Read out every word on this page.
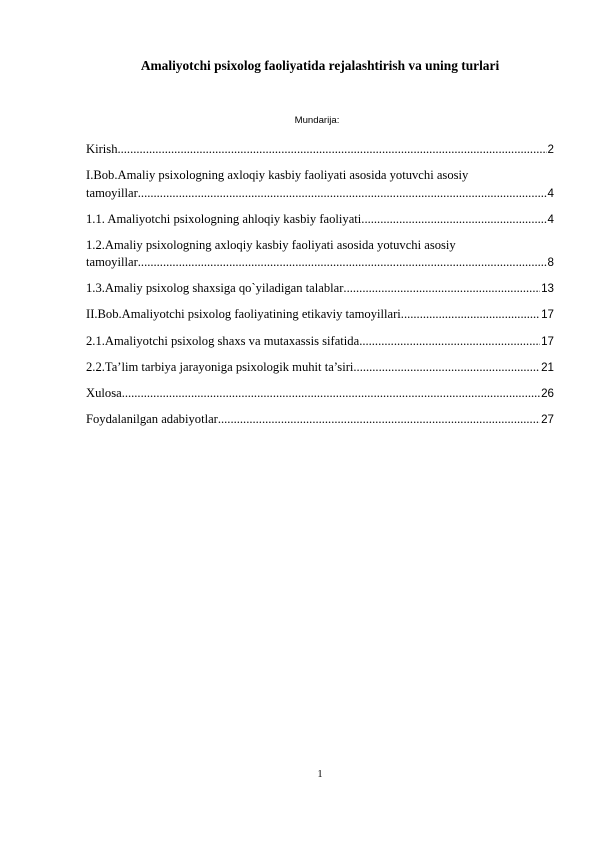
Amaliyotchi psixolog faoliyatida rejalashtirish va uning turlari
Mundarija:
Kirish .....	2
I.Bob.Amaliy psixologning axloqiy kasbiy faoliyati asosida yotuvchi asosiy
tamoyillar .....	4
1.1. Amaliyotchi psixologning ahloqiy kasbiy faoliyati .....	4
1.2.Amaliy psixologning axloqiy kasbiy faoliyati asosida yotuvchi asosiy
tamoyillar .....	8
1.3.Amaliy psixolog shaxsiga qo`yiladigan talablar .....	13
II.Bob.Amaliyotchi psixolog faoliyatining etikaviy tamoyillari .....	17
2.1.Amaliyotchi psixolog shaxs va mutaxassis sifatida .....	17
2.2.Ta’lim tarbiya jarayoniga psixologik muhit ta’siri .....	21
Xulosa .....	26
Foydalanilgan adabiyotlar .....	27
1
